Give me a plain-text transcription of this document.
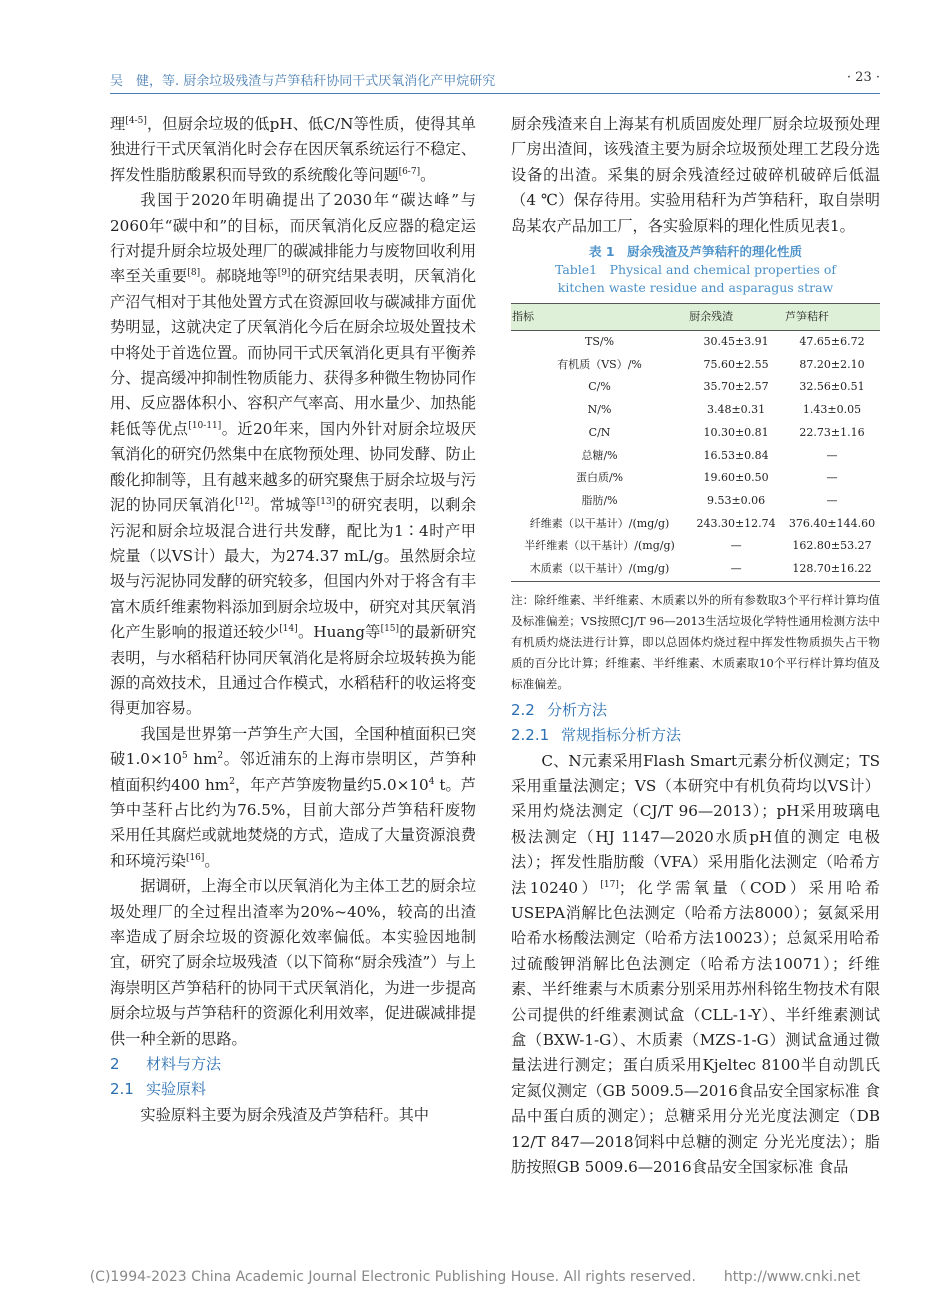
吴　健，等. 厨余垃圾残渣与芦笋秸秆协同干式厌氧消化产甲烷研究	· 23 ·

理[4-5]，但厨余垃圾的低pH、低C/N等性质，使得其单独进行干式厌氧消化时会存在因厌氧系统运行不稳定、挥发性脂肪酸累积而导致的系统酸化等问题[6-7]。

我国于2020年明确提出了2030年“碳达峰”与2060年“碳中和”的目标，而厌氧消化反应器的稳定运行对提升厨余垃圾处理厂的碳减排能力与废物回收利用率至关重要[8]。郝晓地等[9]的研究结果表明，厌氧消化产沼气相对于其他处置方式在资源回收与碳减排方面优势明显，这就决定了厌氧消化今后在厨余垃圾处置技术中将处于首选位置。而协同干式厌氧消化更具有平衡养分、提高缓冲抑制性物质能力、获得多种微生物协同作用、反应器体积小、容积产气率高、用水量少、加热能耗低等优点[10-11]。近20年来，国内外针对厨余垃圾厌氧消化的研究仍然集中在底物预处理、协同发酵、防止酸化抑制等，且有越来越多的研究聚焦于厨余垃圾与污泥的协同厌氧消化[12]。常城等[13]的研究表明，以剩余污泥和厨余垃圾混合进行共发酵，配比为1∶4时产甲烷量（以VS计）最大，为274.37 mL/g。虽然厨余垃圾与污泥协同发酵的研究较多，但国内外对于将含有丰富木质纤维素物料添加到厨余垃圾中，研究对其厌氧消化产生影响的报道还较少[14]。Huang等[15]的最新研究表明，与水稻秸秆协同厌氧消化是将厨余垃圾转换为能源的高效技术，且通过合作模式，水稻秸秆的收运将变得更加容易。

我国是世界第一芦笋生产大国，全国种植面积已突破$1.0\times 10^5$ $hm^2$。邻近浦东的上海市崇明区，芦笋种植面积约400 $hm^2$，年产芦笋废物量约$5.0\times 10^4$ t。芦笋中茎秆占比约为76.5%，目前大部分芦笋秸秆废物采用任其腐烂或就地焚烧的方式，造成了大量资源浪费和环境污染[16]。

据调研，上海全市以厌氧消化为主体工艺的厨余垃圾处理厂的全过程出渣率为20%~40%，较高的出渣率造成了厨余垃圾的资源化效率偏低。本实验因地制宜，研究了厨余垃圾残渣（以下简称“厨余残渣”）与上海崇明区芦笋秸秆的协同干式厌氧消化，为进一步提高厨余垃圾与芦笋秸秆的资源化利用效率，促进碳减排提供一种全新的思路。

2 材料与方法
2.1 实验原料

实验原料主要为厨余残渣及芦笋秸秆。其中

厨余残渣来自上海某有机质固废处理厂厨余垃圾预处理厂房出渣间，该残渣主要为厨余垃圾预处理工艺段分选设备的出渣。采集的厨余残渣经过破碎机破碎后低温（4 ℃）保存待用。实验用秸秆为芦笋秸秆，取自崇明岛某农产品加工厂，各实验原料的理化性质见表1。

表 1　厨余残渣及芦笋秸秆的理化性质
Table1　Physical and chemical properties of kitchen waste residue and asparagus straw
指标	厨余残渣	芦笋秸秆
TS/%	30.45±3.91	47.65±6.72
有机质（VS）/%	75.60±2.55	87.20±2.10
C/%	35.70±2.57	32.56±0.51
N/%	3.48±0.31	1.43±0.05
C/N	10.30±0.81	22.73±1.16
总糖/%	16.53±0.84	—
蛋白质/%	19.60±0.50	—
脂肪/%	9.53±0.06	—
纤维素（以干基计）/(mg/g)	243.30±12.74	376.40±144.60
半纤维素（以干基计）/(mg/g)	—	162.80±53.27
木质素（以干基计）/(mg/g)	—	128.70±16.22
注：除纤维素、半纤维素、木质素以外的所有参数取3个平行样计算均值及标准偏差；VS按照CJ/T 96—2013生活垃圾化学特性通用检测方法中有机质灼烧法进行计算，即以总固体灼烧过程中挥发性物质损失占干物质的百分比计算；纤维素、半纤维素、木质素取10个平行样计算均值及标准偏差。
2.2 分析方法
2.2.1 常规指标分析方法

C、N元素采用Flash Smart元素分析仪测定；TS采用重量法测定；VS（本研究中有机负荷均以VS计）采用灼烧法测定（CJ/T 96—2013）；pH采用玻璃电极法测定（HJ 1147—2020水质pH值的测定 电极法）；挥发性脂肪酸（VFA）采用脂化法测定（哈希方法10240）[17]；化学需氧量（COD）采用哈希USEPA消解比色法测定（哈希方法8000）；氨氮采用哈希水杨酸法测定（哈希方法10023）；总氮采用哈希过硫酸钾消解比色法测定（哈希方法10071）；纤维素、半纤维素与木质素分别采用苏州科铭生物技术有限公司提供的纤维素测试盒（CLL-1-Y）、半纤维素测试盒（BXW-1-G）、木质素（MZS-1-G）测试盒通过微量法进行测定；蛋白质采用Kjeltec 8100半自动凯氏定氮仪测定（GB 5009.5—2016食品安全国家标准 食品中蛋白质的测定）；总糖采用分光光度法测定（DB 12/T 847—2018饲料中总糖的测定 分光光度法）；脂肪按照GB 5009.6—2016食品安全国家标准 食品

(C)1994-2023 China Academic Journal Electronic Publishing House. All rights reserved.　　http://www.cnki.net
